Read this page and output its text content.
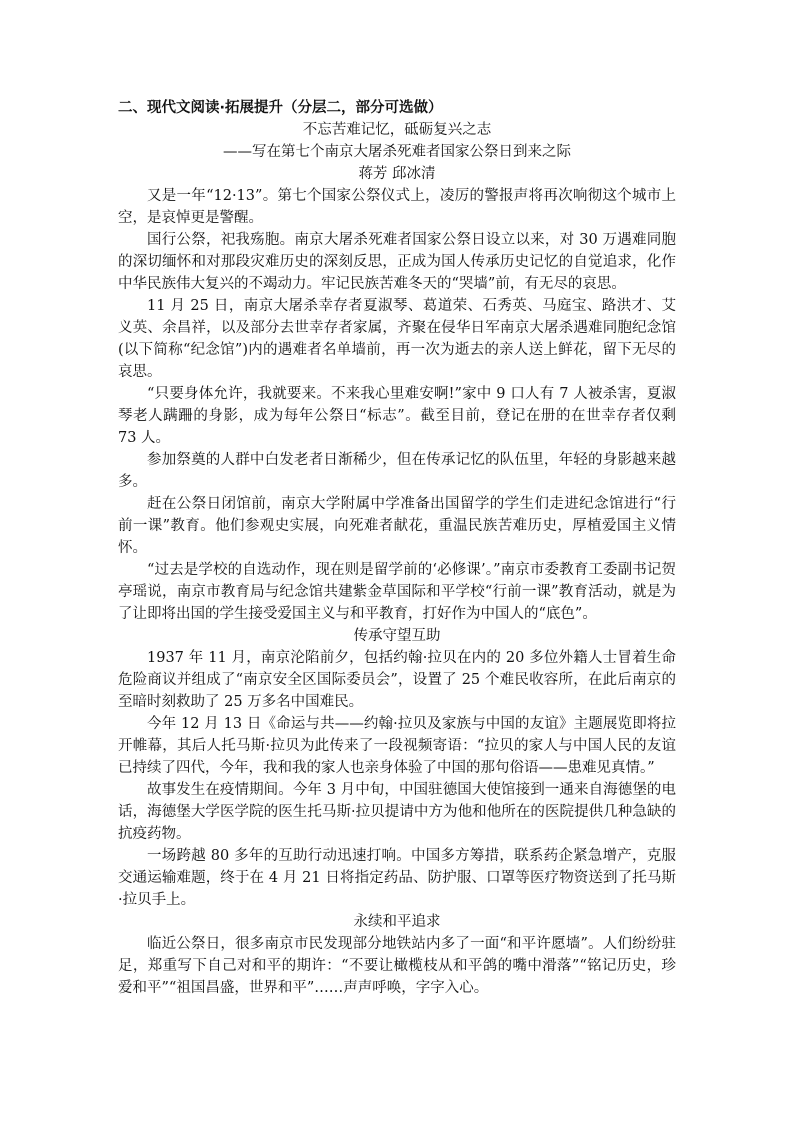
二、现代文阅读·拓展提升（分层二，部分可选做）

不忘苦难记忆，砥砺复兴之志

——写在第七个南京大屠杀死难者国家公祭日到来之际

蒋芳 邱冰清

又是一年“12·13”。第七个国家公祭仪式上，凌厉的警报声将再次响彻这个城市上空，是哀悼更是警醒。

国行公祭，祀我殇胞。南京大屠杀死难者国家公祭日设立以来，对 30 万遇难同胞的深切缅怀和对那段灾难历史的深刻反思，正成为国人传承历史记忆的自觉追求，化作中华民族伟大复兴的不竭动力。牢记民族苦难冬天的“哭墙”前，有无尽的哀思。

11 月 25 日，南京大屠杀幸存者夏淑琴、葛道荣、石秀英、马庭宝、路洪才、艾义英、余昌祥，以及部分去世幸存者家属，齐聚在侵华日军南京大屠杀遇难同胞纪念馆(以下简称“纪念馆”)内的遇难者名单墙前，再一次为逝去的亲人送上鲜花，留下无尽的哀思。

“只要身体允许，我就要来。不来我心里难安啊!”家中 9 口人有 7 人被杀害，夏淑琴老人蹒跚的身影，成为每年公祭日“标志”。截至目前，登记在册的在世幸存者仅剩 73 人。

参加祭奠的人群中白发老者日渐稀少，但在传承记忆的队伍里，年轻的身影越来越多。

赶在公祭日闭馆前，南京大学附属中学准备出国留学的学生们走进纪念馆进行“行前一课”教育。他们参观史实展，向死难者献花，重温民族苦难历史，厚植爱国主义情怀。

“过去是学校的自选动作，现在则是留学前的‘必修课’。”南京市委教育工委副书记贺亭瑶说，南京市教育局与纪念馆共建紫金草国际和平学校“行前一课”教育活动，就是为了让即将出国的学生接受爱国主义与和平教育，打好作为中国人的“底色”。

传承守望互助

1937 年 11 月，南京沦陷前夕，包括约翰·拉贝在内的 20 多位外籍人士冒着生命危险商议并组成了“南京安全区国际委员会”，设置了 25 个难民收容所，在此后南京的至暗时刻救助了 25 万多名中国难民。

今年 12 月 13 日《命运与共——约翰·拉贝及家族与中国的友谊》主题展览即将拉开帷幕，其后人托马斯·拉贝为此传来了一段视频寄语：“拉贝的家人与中国人民的友谊已持续了四代，今年，我和我的家人也亲身体验了中国的那句俗语——患难见真情。”

故事发生在疫情期间。今年 3 月中旬，中国驻德国大使馆接到一通来自海德堡的电话，海德堡大学医学院的医生托马斯·拉贝提请中方为他和他所在的医院提供几种急缺的抗疫药物。

一场跨越 80 多年的互助行动迅速打响。中国多方筹措，联系药企紧急增产，克服交通运输难题，终于在 4 月 21 日将指定药品、防护服、口罩等医疗物资送到了托马斯·拉贝手上。

永续和平追求

临近公祭日，很多南京市民发现部分地铁站内多了一面“和平许愿墙”。人们纷纷驻足，郑重写下自己对和平的期许：“不要让橄榄枝从和平鸽的嘴中滑落”“铭记历史，珍爱和平”“祖国昌盛，世界和平”……声声呼唤，字字入心。
